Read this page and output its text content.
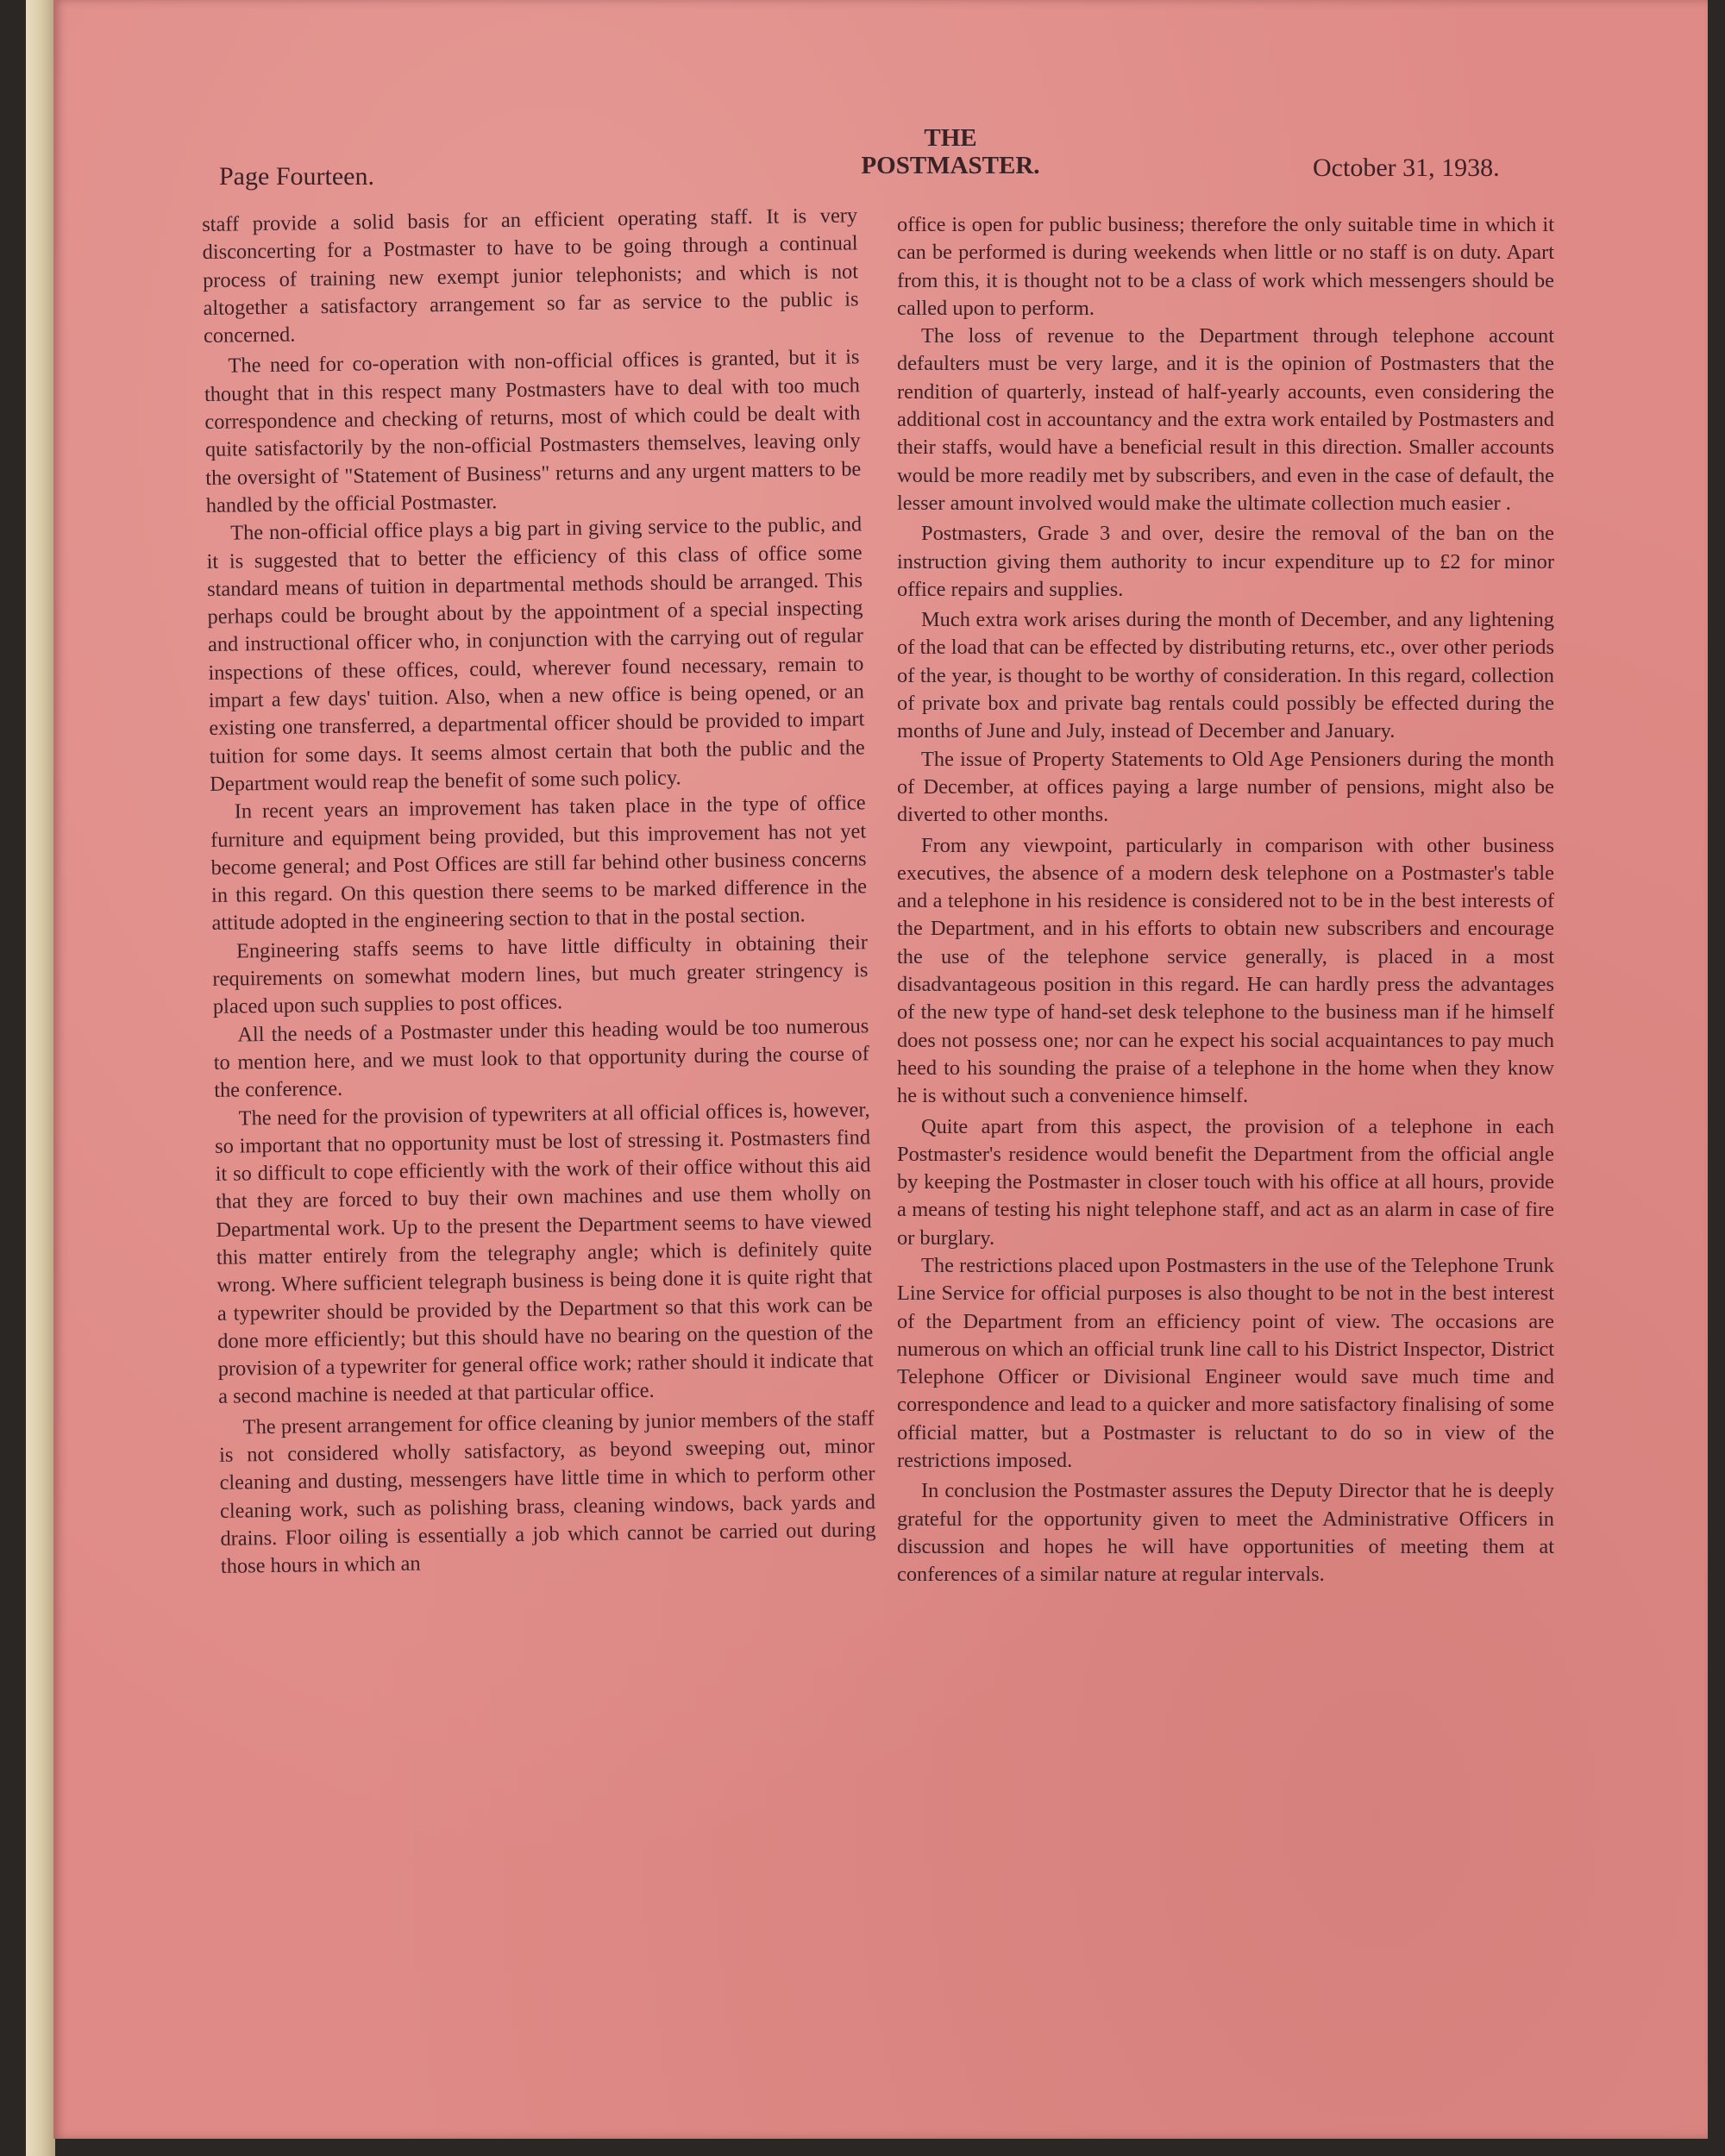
Page Fourteen.
THE
POSTMASTER.	October 31, 1938.

staff provide a solid basis for an efficient operating staff. It is very disconcerting for a Postmaster to have to be going through a continual process of training new exempt junior telephonists; and which is not altogether a satisfactory arrangement so far as service to the public is concerned.

The need for co-operation with non-official offices is granted, but it is thought that in this respect many Postmasters have to deal with too much correspondence and checking of returns, most of which could be dealt with quite satisfactorily by the non-official Postmasters themselves, leaving only the oversight of "Statement of Business" returns and any urgent matters to be handled by the official Postmaster.

The non-official office plays a big part in giving service to the public, and it is suggested that to better the efficiency of this class of office some standard means of tuition in departmental methods should be arranged. This perhaps could be brought about by the appointment of a special inspecting and instructional officer who, in conjunction with the carrying out of regular inspections of these offices, could, wherever found necessary, remain to impart a few days' tuition. Also, when a new office is being opened, or an existing one transferred, a departmental officer should be provided to impart tuition for some days. It seems almost certain that both the public and the Department would reap the benefit of some such policy.

In recent years an improvement has taken place in the type of office furniture and equipment being provided, but this improvement has not yet become general; and Post Offices are still far behind other business concerns in this regard. On this question there seems to be marked difference in the attitude adopted in the engineering section to that in the postal section.

Engineering staffs seems to have little difficulty in obtaining their requirements on somewhat modern lines, but much greater stringency is placed upon such supplies to post offices.

All the needs of a Postmaster under this heading would be too numerous to mention here, and we must look to that opportunity during the course of the conference.

The need for the provision of typewriters at all official offices is, however, so important that no opportunity must be lost of stressing it. Postmasters find it so difficult to cope efficiently with the work of their office without this aid that they are forced to buy their own machines and use them wholly on Departmental work. Up to the present the Department seems to have viewed this matter entirely from the telegraphy angle; which is definitely quite wrong. Where sufficient telegraph business is being done it is quite right that a typewriter should be provided by the Department so that this work can be done more efficiently; but this should have no bearing on the question of the provision of a typewriter for general office work; rather should it indicate that a second machine is needed at that particular office.

The present arrangement for office cleaning by junior members of the staff is not considered wholly satisfactory, as beyond sweeping out, minor cleaning and dusting, messengers have little time in which to perform other cleaning work, such as polishing brass, cleaning windows, back yards and drains. Floor oiling is essentially a job which cannot be carried out during those hours in which an

office is open for public business; therefore the only suitable time in which it can be performed is during weekends when little or no staff is on duty. Apart from this, it is thought not to be a class of work which messengers should be called upon to perform.

The loss of revenue to the Department through telephone account defaulters must be very large, and it is the opinion of Postmasters that the rendition of quarterly, instead of half-yearly accounts, even considering the additional cost in accountancy and the extra work entailed by Postmasters and their staffs, would have a beneficial result in this direction. Smaller accounts would be more readily met by subscribers, and even in the case of default, the lesser amount involved would make the ultimate collection much easier .

Postmasters, Grade 3 and over, desire the removal of the ban on the instruction giving them authority to incur expenditure up to £2 for minor office repairs and supplies.

Much extra work arises during the month of December, and any lightening of the load that can be effected by distributing returns, etc., over other periods of the year, is thought to be worthy of consideration. In this regard, collection of private box and private bag rentals could possibly be effected during the months of June and July, instead of December and January.

The issue of Property Statements to Old Age Pensioners during the month of December, at offices paying a large number of pensions, might also be diverted to other months.

From any viewpoint, particularly in comparison with other business executives, the absence of a modern desk telephone on a Postmaster's table and a telephone in his residence is considered not to be in the best interests of the Department, and in his efforts to obtain new subscribers and encourage the use of the telephone service generally, is placed in a most disadvantageous position in this regard. He can hardly press the advantages of the new type of hand-set desk telephone to the business man if he himself does not possess one; nor can he expect his social acquaintances to pay much heed to his sounding the praise of a telephone in the home when they know he is without such a convenience himself.

Quite apart from this aspect, the provision of a telephone in each Postmaster's residence would benefit the Department from the official angle by keeping the Postmaster in closer touch with his office at all hours, provide a means of testing his night telephone staff, and act as an alarm in case of fire or burglary.

The restrictions placed upon Postmasters in the use of the Telephone Trunk Line Service for official purposes is also thought to be not in the best interest of the Department from an efficiency point of view. The occasions are numerous on which an official trunk line call to his District Inspector, District Telephone Officer or Divisional Engineer would save much time and correspondence and lead to a quicker and more satisfactory finalising of some official matter, but a Postmaster is reluctant to do so in view of the restrictions imposed.

In conclusion the Postmaster assures the Deputy Director that he is deeply grateful for the opportunity given to meet the Administrative Officers in discussion and hopes he will have opportunities of meeting them at conferences of a similar nature at regular intervals.
